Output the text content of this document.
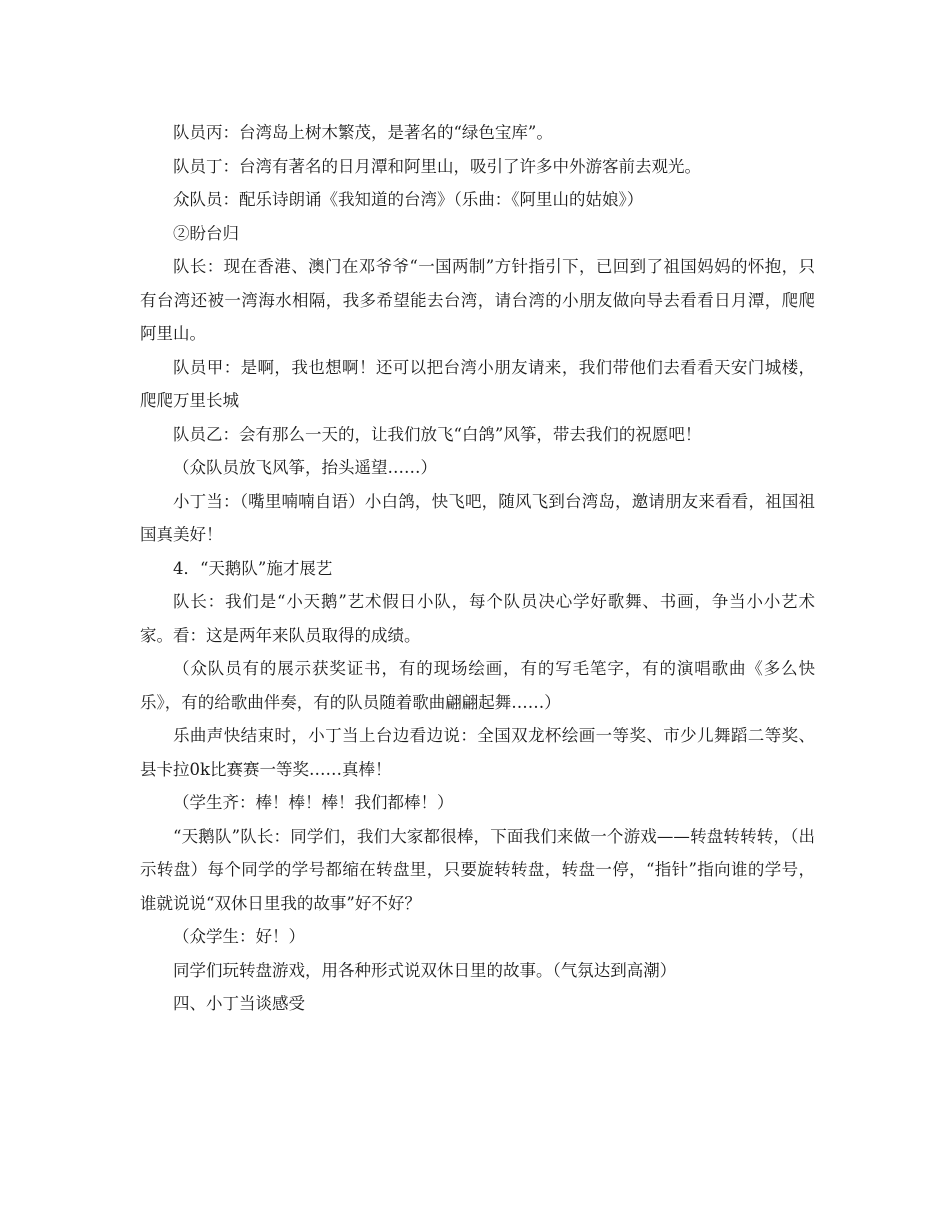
队员丙：台湾岛上树木繁茂，是著名的“绿色宝库”。

队员丁：台湾有著名的日月潭和阿里山，吸引了许多中外游客前去观光。

众队员：配乐诗朗诵《我知道的台湾》（乐曲：《阿里山的姑娘》）

②盼台归

队长：现在香港、澳门在邓爷爷“一国两制”方针指引下，已回到了祖国妈妈的怀抱，只有台湾还被一湾海水相隔，我多希望能去台湾，请台湾的小朋友做向导去看看日月潭，爬爬阿里山。

队员甲：是啊，我也想啊！还可以把台湾小朋友请来，我们带他们去看看天安门城楼，爬爬万里长城

队员乙：会有那么一天的，让我们放飞“白鸽”风筝，带去我们的祝愿吧！

（众队员放飞风筝，抬头遥望……）

小丁当：（嘴里喃喃自语）小白鸽，快飞吧，随风飞到台湾岛，邀请朋友来看看，祖国祖国真美好！

4．“天鹅队”施才展艺

队长：我们是“小天鹅”艺术假日小队，每个队员决心学好歌舞、书画，争当小小艺术家。看：这是两年来队员取得的成绩。

（众队员有的展示获奖证书，有的现场绘画，有的写毛笔字，有的演唱歌曲《多么快乐》，有的给歌曲伴奏，有的队员随着歌曲翩翩起舞……）

乐曲声快结束时，小丁当上台边看边说：全国双龙杯绘画一等奖、市少儿舞蹈二等奖、县卡拉0k比赛赛一等奖……真棒！

（学生齐：棒！棒！棒！我们都棒！）

“天鹅队”队长：同学们，我们大家都很棒，下面我们来做一个游戏——转盘转转转，（出示转盘）每个同学的学号都缩在转盘里，只要旋转转盘，转盘一停，“指针”指向谁的学号，谁就说说“双休日里我的故事”好不好？

（众学生：好！）

同学们玩转盘游戏，用各种形式说双休日里的故事。（气氛达到高潮）

四、小丁当谈感受
